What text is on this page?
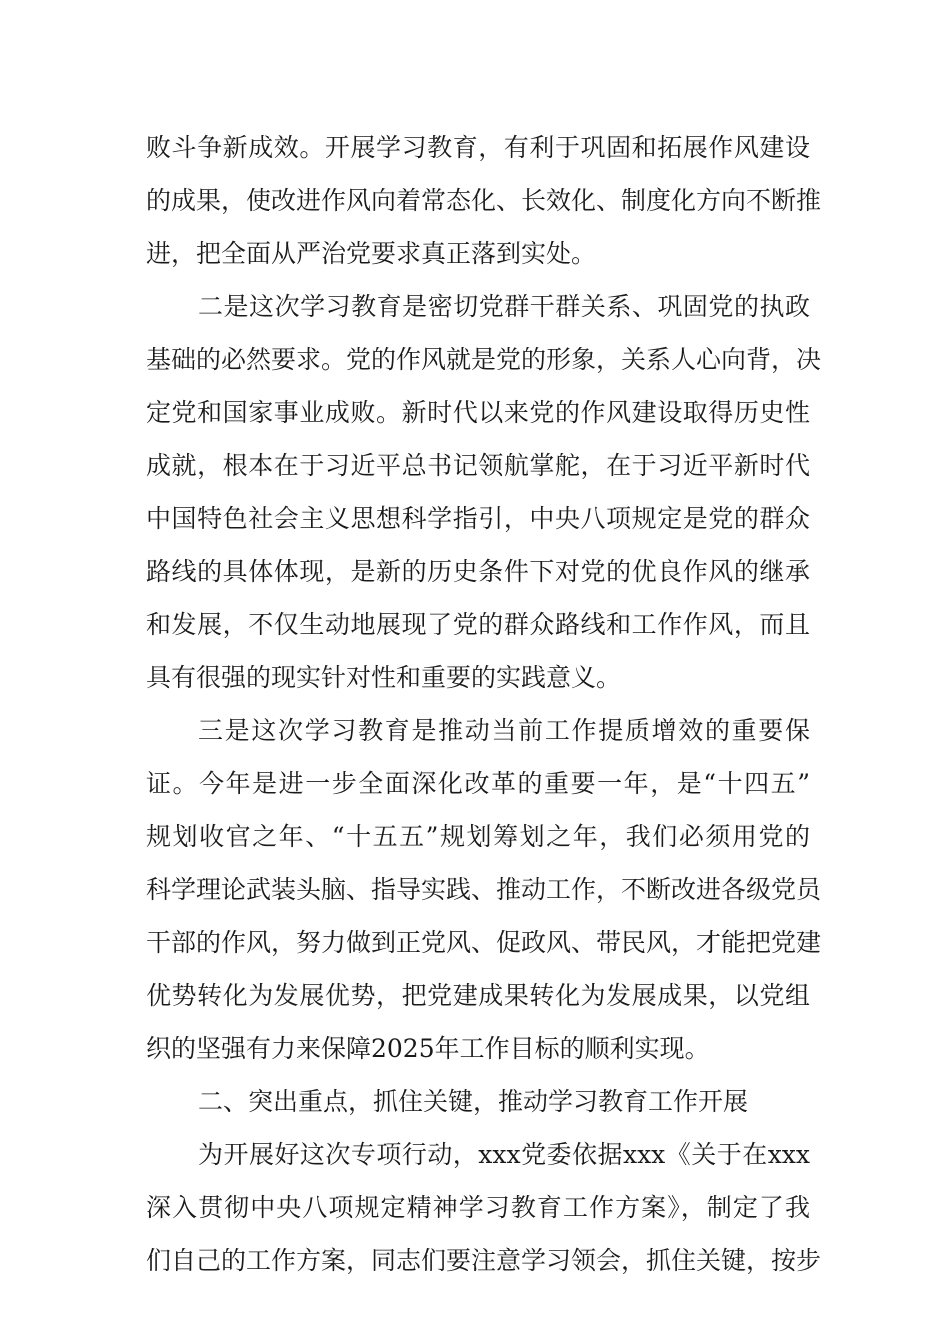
败斗争新成效。开展学习教育，有利于巩固和拓展作风建设
的成果，使改进作风向着常态化、长效化、制度化方向不断推
进，把全面从严治党要求真正落到实处。
二是这次学习教育是密切党群干群关系、巩固党的执政
基础的必然要求。党的作风就是党的形象，关系人心向背，决
定党和国家事业成败。新时代以来党的作风建设取得历史性
成就，根本在于习近平总书记领航掌舵，在于习近平新时代
中国特色社会主义思想科学指引，中央八项规定是党的群众
路线的具体体现，是新的历史条件下对党的优良作风的继承
和发展，不仅生动地展现了党的群众路线和工作作风，而且
具有很强的现实针对性和重要的实践意义。
三是这次学习教育是推动当前工作提质增效的重要保
证。今年是进一步全面深化改革的重要一年，是“十四五”
规划收官之年、“十五五”规划筹划之年，我们必须用党的
科学理论武装头脑、指导实践、推动工作，不断改进各级党员
干部的作风，努力做到正党风、促政风、带民风，才能把党建
优势转化为发展优势，把党建成果转化为发展成果，以党组
织的坚强有力来保障2025年工作目标的顺利实现。
二、突出重点，抓住关键，推动学习教育工作开展
为开展好这次专项行动，xxx党委依据xxx《关于在xxx
深入贯彻中央八项规定精神学习教育工作方案》，制定了我
们自己的工作方案，同志们要注意学习领会，抓住关键，按步
